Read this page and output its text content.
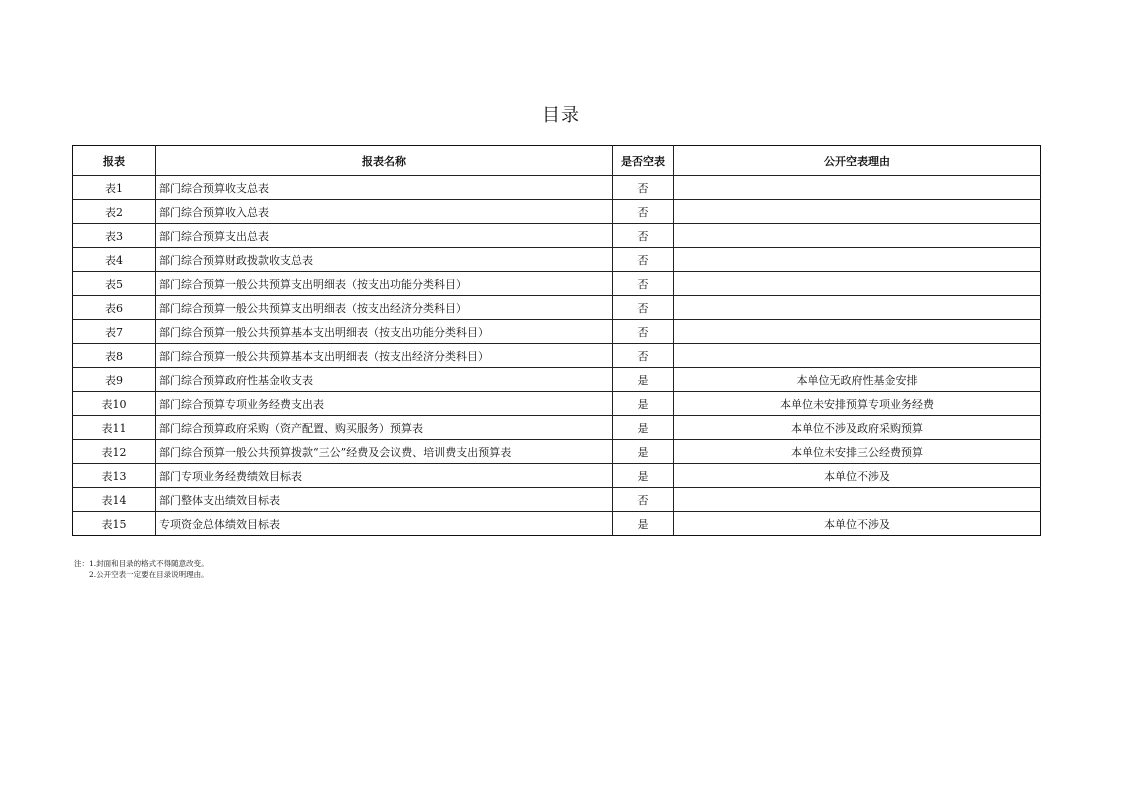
目录
报表	报表名称	是否空表	公开空表理由
表1	部门综合预算收支总表	否	
表2	部门综合预算收入总表	否	
表3	部门综合预算支出总表	否	
表4	部门综合预算财政拨款收支总表	否	
表5	部门综合预算一般公共预算支出明细表（按支出功能分类科目）	否	
表6	部门综合预算一般公共预算支出明细表（按支出经济分类科目）	否	
表7	部门综合预算一般公共预算基本支出明细表（按支出功能分类科目）	否	
表8	部门综合预算一般公共预算基本支出明细表（按支出经济分类科目）	否	
表9	部门综合预算政府性基金收支表	是	本单位无政府性基金安排
表10	部门综合预算专项业务经费支出表	是	本单位未安排预算专项业务经费
表11	部门综合预算政府采购（资产配置、购买服务）预算表	是	本单位不涉及政府采购预算
表12	部门综合预算一般公共预算拨款“三公”经费及会议费、培训费支出预算表	是	本单位未安排三公经费预算
表13	部门专项业务经费绩效目标表	是	本单位不涉及
表14	部门整体支出绩效目标表	否	
表15	专项资金总体绩效目标表	是	本单位不涉及
注：1.封面和目录的格式不得随意改变。
2.公开空表一定要在目录说明理由。
